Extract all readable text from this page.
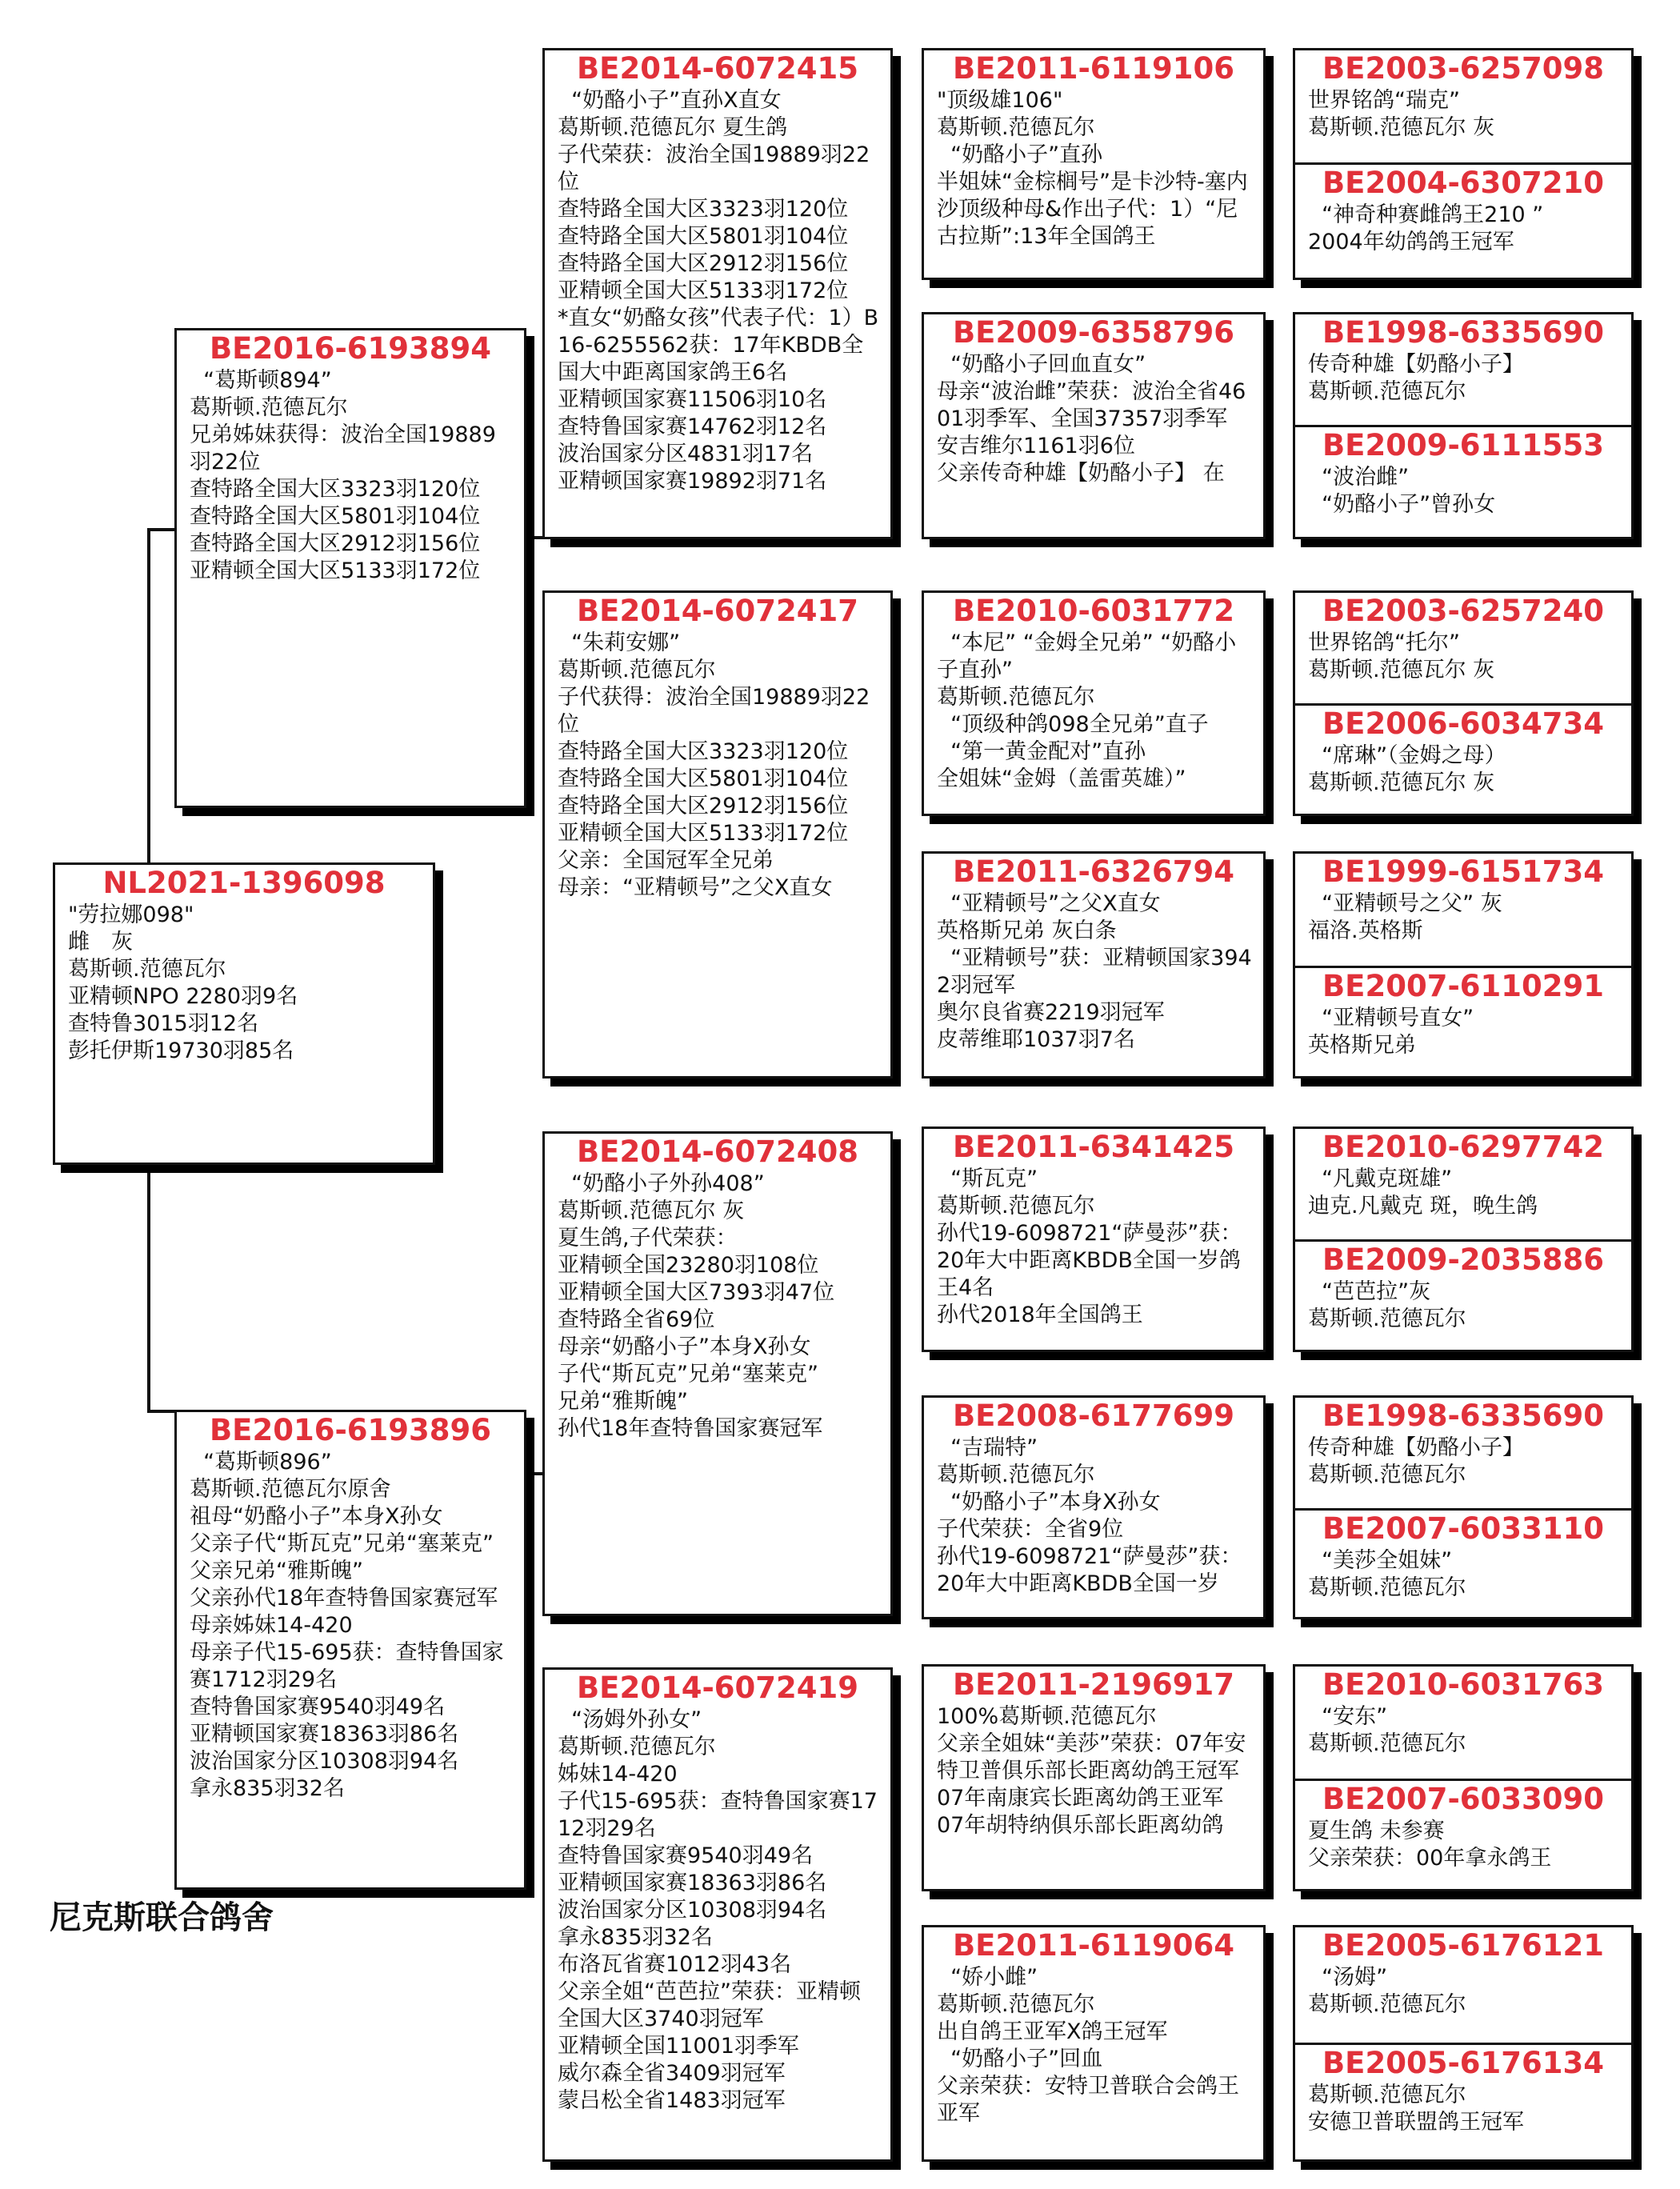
NL2021-1396098
"劳拉娜098"
雌　灰
葛斯顿.范德瓦尔
亚精顿NPO 2280羽9名
查特鲁3015羽12名
彭托伊斯19730羽85名
BE2016-6193894
“葛斯顿894”
葛斯顿.范德瓦尔
兄弟姊妹获得：波治全国19889羽22位
查特路全国大区3323羽120位
查特路全国大区5801羽104位
查特路全国大区2912羽156位
亚精顿全国大区5133羽172位
BE2016-6193896
“葛斯顿896”
葛斯顿.范德瓦尔原舍
祖母“奶酪小子”本身X孙女
父亲子代“斯瓦克”兄弟“塞莱克”
父亲兄弟“雅斯魄”
父亲孙代18年查特鲁国家赛冠军
母亲姊妹14-420
母亲子代15-695获：查特鲁国家赛1712羽29名
查特鲁国家赛9540羽49名
亚精顿国家赛18363羽86名
波治国家分区10308羽94名
拿永835羽32名
BE2014-6072415
“奶酪小子”直孙X直女
葛斯顿.范德瓦尔 夏生鸽
子代荣获：波治全国19889羽22位
查特路全国大区3323羽120位
查特路全国大区5801羽104位
查特路全国大区2912羽156位
亚精顿全国大区5133羽172位
*直女“奶酪女孩”代表子代：1）B16-6255562获：17年KBDB全国大中距离国家鸽王6名
亚精顿国家赛11506羽10名
查特鲁国家赛14762羽12名
波治国家分区4831羽17名
亚精顿国家赛19892羽71名
BE2014-6072417
“朱莉安娜”
葛斯顿.范德瓦尔
子代获得：波治全国19889羽22位
查特路全国大区3323羽120位
查特路全国大区5801羽104位
查特路全国大区2912羽156位
亚精顿全国大区5133羽172位
父亲：全国冠军全兄弟
母亲：“亚精顿号”之父X直女
BE2014-6072408
“奶酪小子外孙408”
葛斯顿.范德瓦尔 灰
夏生鸽,子代荣获：
亚精顿全国23280羽108位
亚精顿全国大区7393羽47位
查特路全省69位
母亲“奶酪小子”本身X孙女
子代“斯瓦克”兄弟“塞莱克”
兄弟“雅斯魄”
孙代18年查特鲁国家赛冠军
BE2014-6072419
“汤姆外孙女”
葛斯顿.范德瓦尔
姊妹14-420
子代15-695获：查特鲁国家赛1712羽29名
查特鲁国家赛9540羽49名
亚精顿国家赛18363羽86名
波治国家分区10308羽94名
拿永835羽32名
布洛瓦省赛1012羽43名
父亲全姐“芭芭拉”荣获：亚精顿全国大区3740羽冠军
亚精顿全国11001羽季军
威尔森全省3409羽冠军
蒙吕松全省1483羽冠军
BE2011-6119106
"顶级雄106"
葛斯顿.范德瓦尔
“奶酪小子”直孙
半姐妹“金棕榈号”是卡沙特-塞内沙顶级种母&作出子代：1）“尼古拉斯”:13年全国鸽王
BE2009-6358796
“奶酪小子回血直女”
母亲“波治雌”荣获：波治全省4601羽季军、全国37357羽季军
安吉维尔1161羽6位
父亲传奇种雄【奶酪小子】 在
BE2010-6031772
“本尼” “金姆全兄弟” “奶酪小子直孙”
葛斯顿.范德瓦尔
“顶级种鸽098全兄弟”直子
“第一黄金配对”直孙
全姐妹“金姆（盖雷英雄）”
BE2011-6326794
“亚精顿号”之父X直女
英格斯兄弟 灰白条
“亚精顿号”获：亚精顿国家3942羽冠军
奥尔良省赛2219羽冠军
皮蒂维耶1037羽7名
BE2011-6341425
“斯瓦克”
葛斯顿.范德瓦尔
孙代19-6098721“萨曼莎”获：20年大中距离KBDB全国一岁鸽王4名
孙代2018年全国鸽王
BE2008-6177699
“吉瑞特”
葛斯顿.范德瓦尔
“奶酪小子”本身X孙女
子代荣获：全省9位
孙代19-6098721“萨曼莎”获：20年大中距离KBDB全国一岁
BE2011-2196917
100%葛斯顿.范德瓦尔
父亲全姐妹“美莎”荣获：07年安特卫普俱乐部长距离幼鸽王冠军
07年南康宾长距离幼鸽王亚军
07年胡特纳俱乐部长距离幼鸽
BE2011-6119064
“娇小雌”
葛斯顿.范德瓦尔
出自鸽王亚军X鸽王冠军
“奶酪小子”回血
父亲荣获：安特卫普联合会鸽王亚军
BE2003-6257098
世界铭鸽“瑞克”
葛斯顿.范德瓦尔 灰
BE2004-6307210
“神奇种赛雌鸽王210 ”
2004年幼鸽鸽王冠军
BE1998-6335690
传奇种雄【奶酪小子】
葛斯顿.范德瓦尔
BE2009-6111553
“波治雌”
“奶酪小子”曾孙女
BE2003-6257240
世界铭鸽“托尔”
葛斯顿.范德瓦尔 灰
BE2006-6034734
“席琳”（金姆之母）
葛斯顿.范德瓦尔 灰
BE1999-6151734
“亚精顿号之父” 灰
福洛.英格斯
BE2007-6110291
“亚精顿号直女”
英格斯兄弟
BE2010-6297742
“凡戴克斑雄”
迪克.凡戴克 斑，晚生鸽
BE2009-2035886
“芭芭拉”灰
葛斯顿.范德瓦尔
BE1998-6335690
传奇种雄【奶酪小子】
葛斯顿.范德瓦尔
BE2007-6033110
“美莎全姐妹”
葛斯顿.范德瓦尔
BE2010-6031763
“安东”
葛斯顿.范德瓦尔
BE2007-6033090
夏生鸽 未参赛
父亲荣获：00年拿永鸽王
BE2005-6176121
“汤姆”
葛斯顿.范德瓦尔
BE2005-6176134
葛斯顿.范德瓦尔
安德卫普联盟鸽王冠军
尼克斯联合鸽舍
